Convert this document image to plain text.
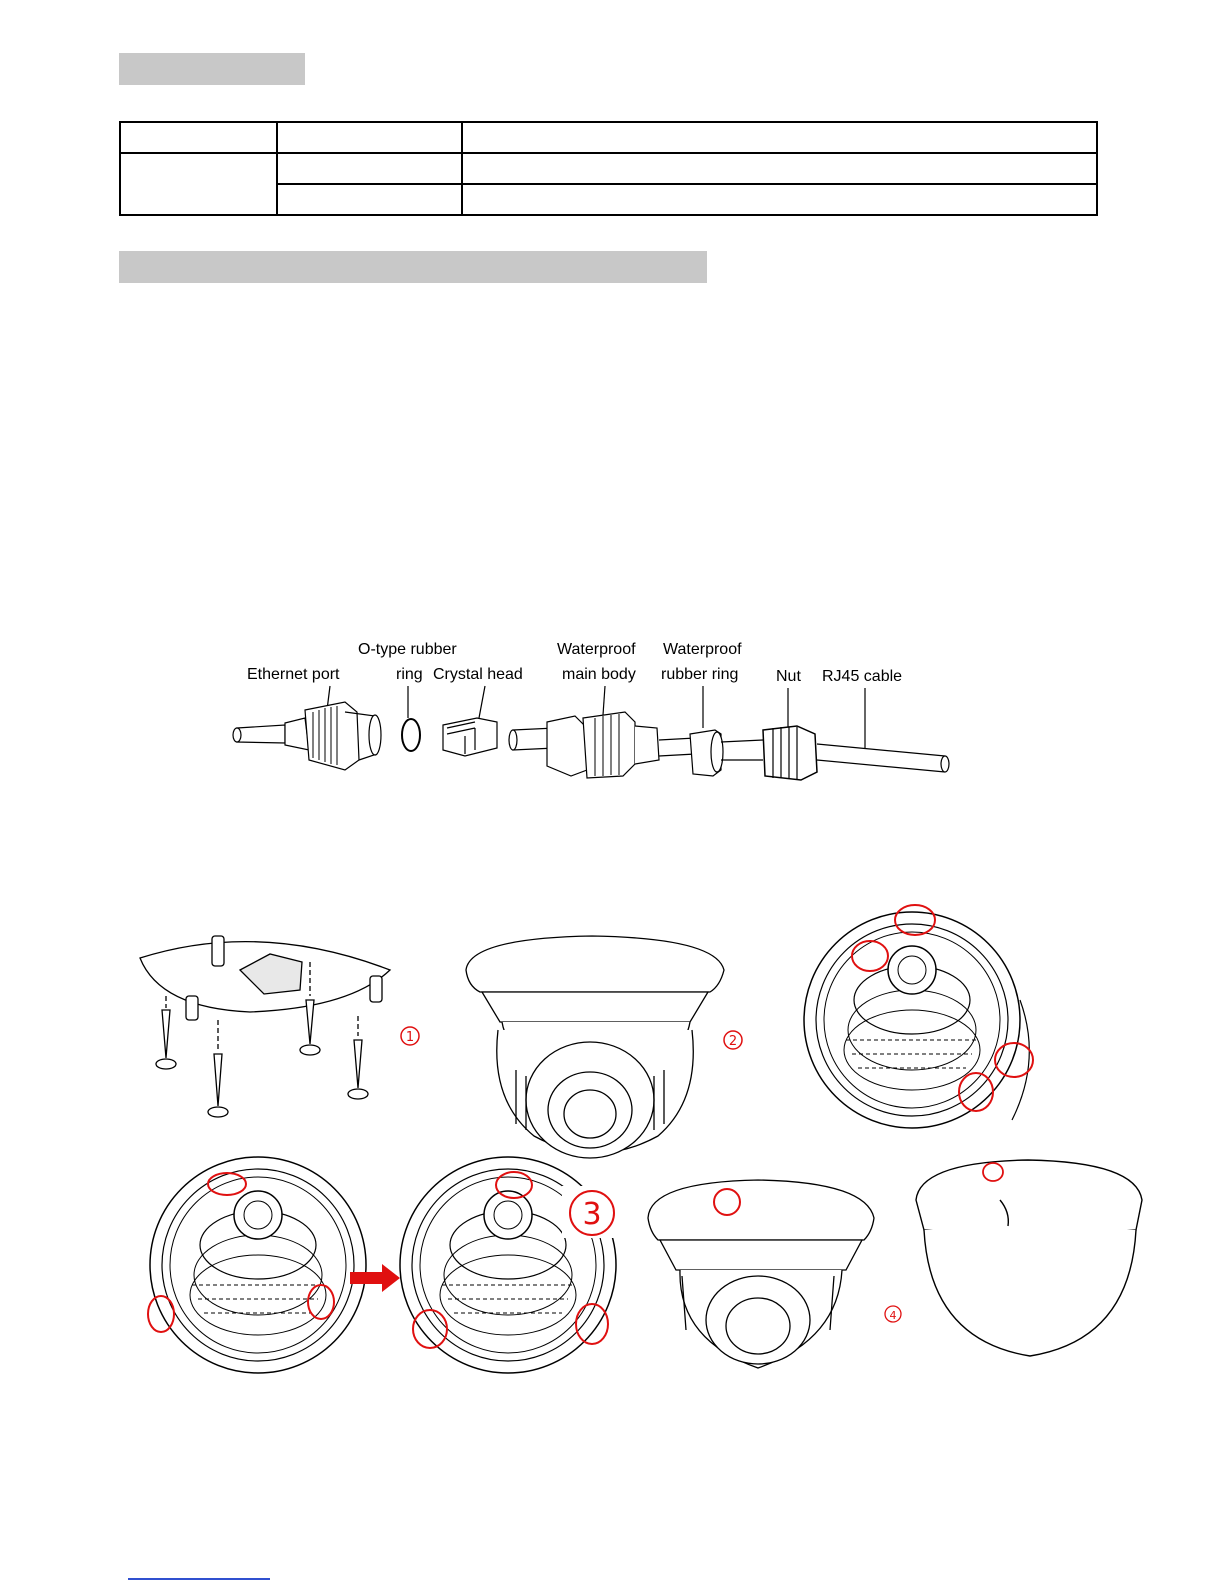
Ethernet port
O-type rubber
ring Crystal head
Waterproof
main body
Waterproof
rubber ring Nut RJ45 cable
1	2
3
4
